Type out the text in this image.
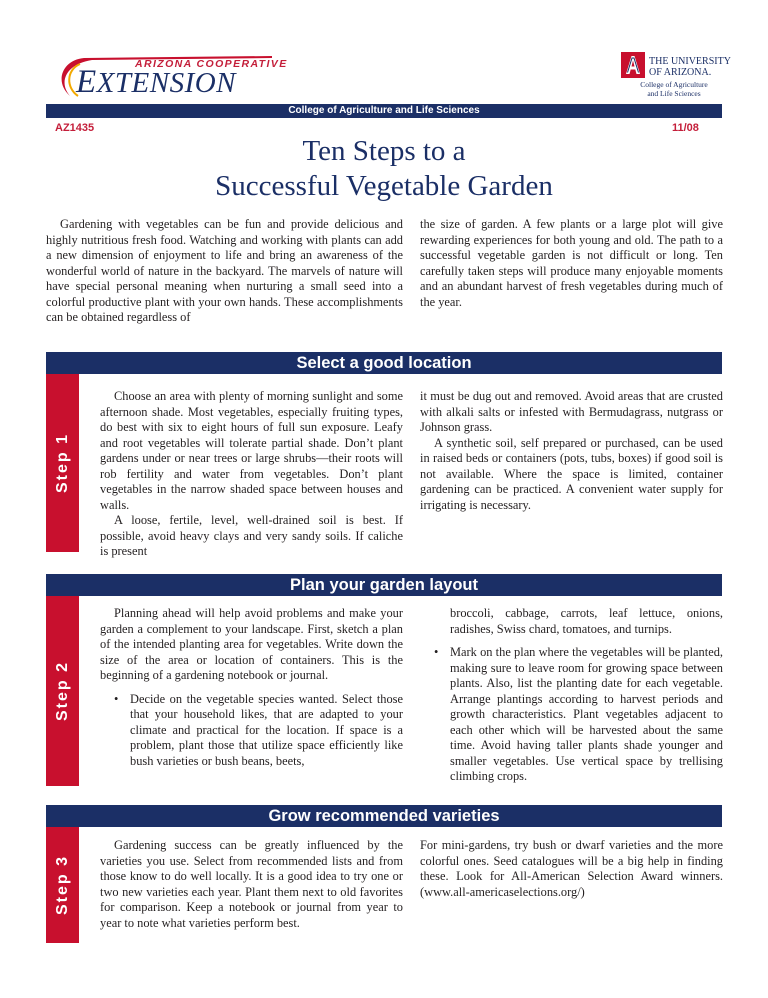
ARIZONA COOPERATIVE
EXTENSION
THE UNIVERSITY
OF ARIZONA.
College of Agriculture
and Life Sciences
College of Agriculture and Life Sciences
AZ1435	11/08
Ten Steps to a
Successful Vegetable Garden

Gardening with vegetables can be fun and provide delicious and highly nutritious fresh food. Watching and working with plants can add a new dimension of enjoyment to life and bring an awareness of the wonderful world of nature in the backyard. The marvels of nature will have special personal meaning when nurturing a small seed into a colorful productive plant with your own hands. These accomplishments can be obtained regardless of

the size of garden. A few plants or a large plot will give rewarding experiences for both young and old. The path to a successful vegetable garden is not difficult or long. Ten carefully taken steps will produce many enjoyable moments and an abundant harvest of fresh vegetables during much of the year.

Select a good location
Step 1

Choose an area with plenty of morning sunlight and some afternoon shade. Most vegetables, especially fruiting types, do best with six to eight hours of full sun exposure. Leafy and root vegetables will tolerate partial shade. Don’t plant gardens under or near trees or large shrubs—their roots will rob fertility and water from vegetables. Don’t plant vegetables in the narrow shaded space between houses and walls.

A loose, fertile, level, well-drained soil is best. If possible, avoid heavy clays and very sandy soils. If caliche is present

it must be dug out and removed. Avoid areas that are crusted with alkali salts or infested with Bermudagrass, nutgrass or Johnson grass.

A synthetic soil, self prepared or purchased, can be used in raised beds or containers (pots, tubs, boxes) if good soil is not available. Where the space is limited, container gardening can be practiced. A convenient water supply for irrigating is necessary.

Plan your garden layout
Step 2

Planning ahead will help avoid problems and make your garden a complement to your landscape. First, sketch a plan of the intended planting area for vegetables. Write down the size of the area or location of containers. This is the beginning of a gardening notebook or journal.

• Decide on the vegetable species wanted. Select those that your household likes, that are adapted to your climate and practical for the location. If space is a problem, plant those that utilize space efficiently like bush varieties or bush beans, beets,
broccoli, cabbage, carrots, leaf lettuce, onions, radishes, Swiss chard, tomatoes, and turnips.
• Mark on the plan where the vegetables will be planted, making sure to leave room for growing space between plants. Also, list the planting date for each vegetable. Arrange plantings according to harvest periods and growth characteristics. Plant vegetables adjacent to each other which will be harvested about the same time. Avoid having taller plants shade younger and smaller vegetables. Use vertical space by trellising climbing crops.
Grow recommended varieties
Step 3

Gardening success can be greatly influenced by the varieties you use. Select from recommended lists and from those know to do well locally. It is a good idea to try one or two new varieties each year. Plant them next to old favorites for comparison. Keep a notebook or journal from year to year to note what varieties perform best.

For mini-gardens, try bush or dwarf varieties and the more colorful ones. Seed catalogues will be a big help in finding these. Look for All-American Selection Award winners. (www.all-americaselections.org/)
